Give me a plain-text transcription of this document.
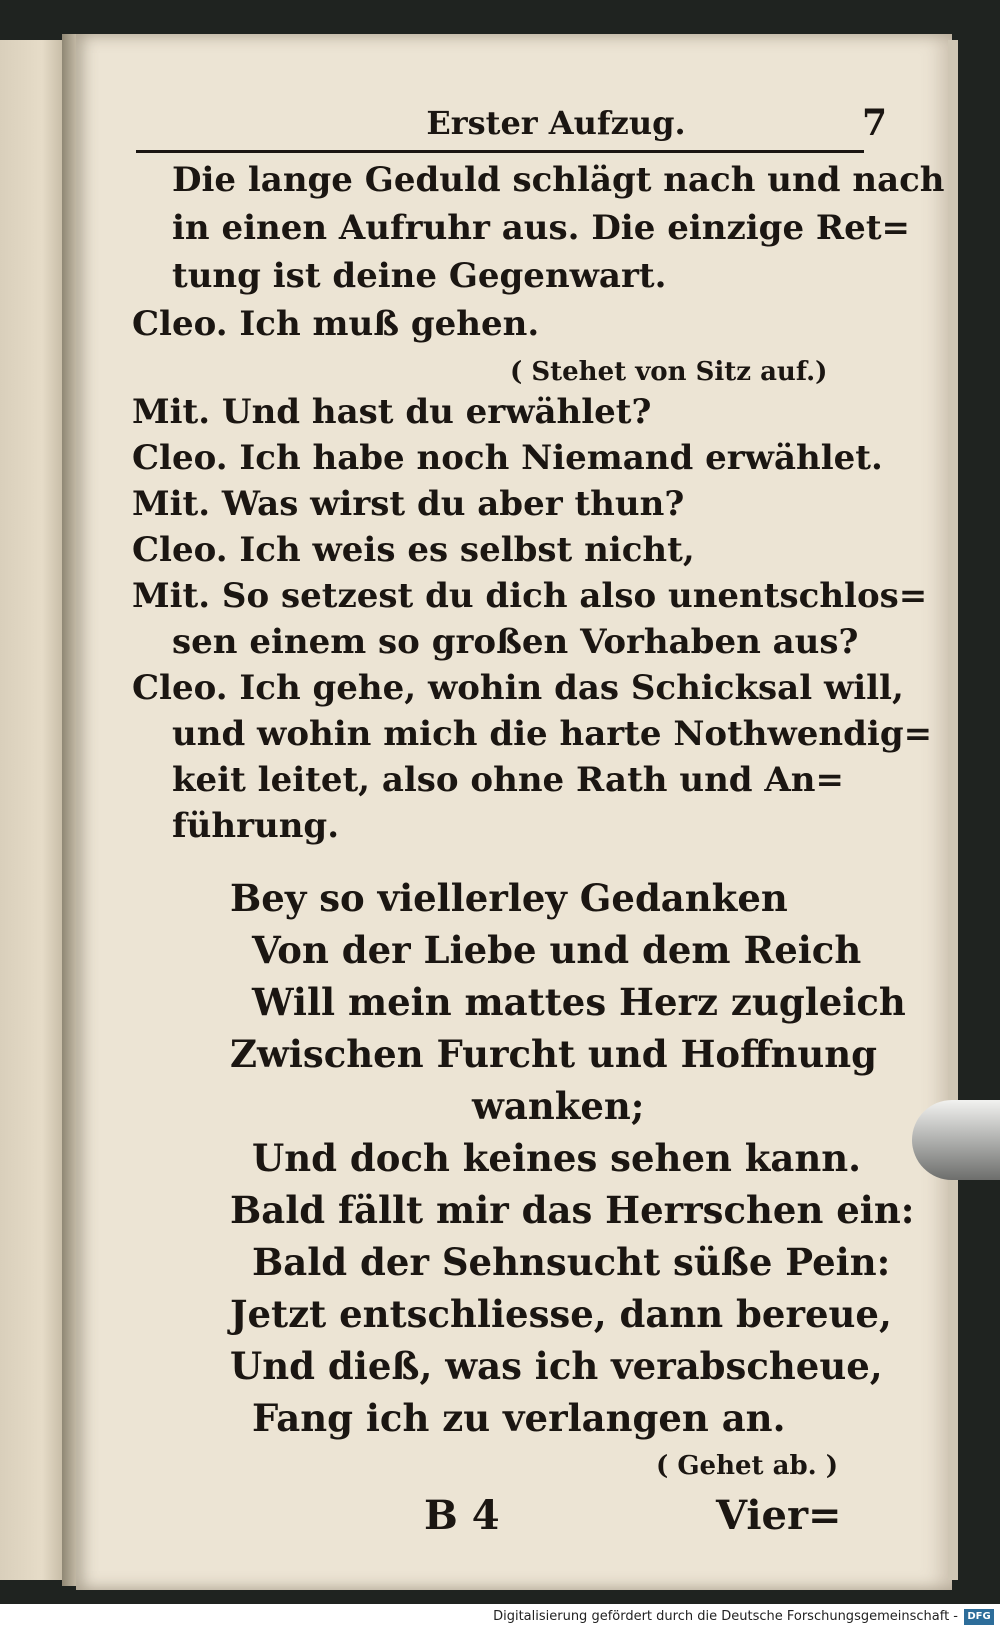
Erster Aufzug.	7
Die lange Geduld schlägt nach und nach
in einen Aufruhr aus. Die einzige Ret=
tung ist deine Gegenwart.
Cleo. Ich muß gehen.
( Stehet von Sitz auf.)
Mit. Und hast du erwählet?
Cleo. Ich habe noch Niemand erwählet.
Mit. Was wirst du aber thun?
Cleo. Ich weis es selbst nicht,
Mit. So setzest du dich also unentschlos=
sen einem so großen Vorhaben aus?
Cleo. Ich gehe, wohin das Schicksal will,
und wohin mich die harte Nothwendig=
keit leitet, also ohne Rath und An=
führung.
Bey so viellerley Gedanken
Von der Liebe und dem Reich
Will mein mattes Herz zugleich
Zwischen Furcht und Hoffnung
wanken;
Und doch keines sehen kann.
Bald fällt mir das Herrschen ein:
Bald der Sehnsucht süße Pein:
Jetzt entschliesse, dann bereue,
Und dieß, was ich verabscheue,
Fang ich zu verlangen an.
( Gehet ab. )
B 4	Vier=
Digitalisierung gefördert durch die Deutsche Forschungsgemeinschaft - DFG
